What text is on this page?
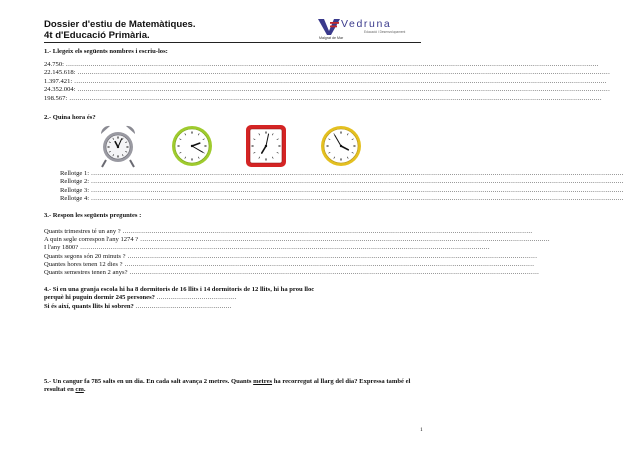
Dossier d'estiu de Matemàtiques.
4t d'Educació Primària.
Vedruna
Educació i Desenvolupament
Malgrat de Mar
1.- Llegeix els següents nombres i escriu-los:
24.750: ....................................................................................................................................................................................................................................................................
22.145.618: ....................................................................................................................................................................................................................................................................
1.397.421: ....................................................................................................................................................................................................................................................................
24.352.004: ....................................................................................................................................................................................................................................................................
198.567: ....................................................................................................................................................................................................................................................................
2.- Quina hora és?
Rellotge 1: ....................................................................................................................................................................................................................................................................
Rellotge 2: ....................................................................................................................................................................................................................................................................
Rellotge 3: ....................................................................................................................................................................................................................................................................
Rellotge 4: ....................................................................................................................................................................................................................................................................
3.- Respon les següents preguntes :
Quants trimestres té un any ? ........................................................................................................................................................................................................
A quin segle correspon l'any 1274 ? ........................................................................................................................................................................................................
I l'any 1800? ........................................................................................................................................................................................................
Quants segons són 20 minuts ? ........................................................................................................................................................................................................
Quantes hores tenen 12 dies ? ........................................................................................................................................................................................................
Quants semestres tenen 2 anys? ........................................................................................................................................................................................................
4.- Si en una granja escola hi ha 8 dormitoris de 16 llits i 14 dormitoris de 12 llits, hi ha prou lloc
perquè hi puguin dormir 245 persones? .......................................
Si és així, quants llits hi sobren? ...............................................
5.- Un cangur fa 785 salts en un dia. En cada salt avança 2 metres. Quants metres ha recorregut al llarg del dia? Expressa també el resultat en cm.
1
